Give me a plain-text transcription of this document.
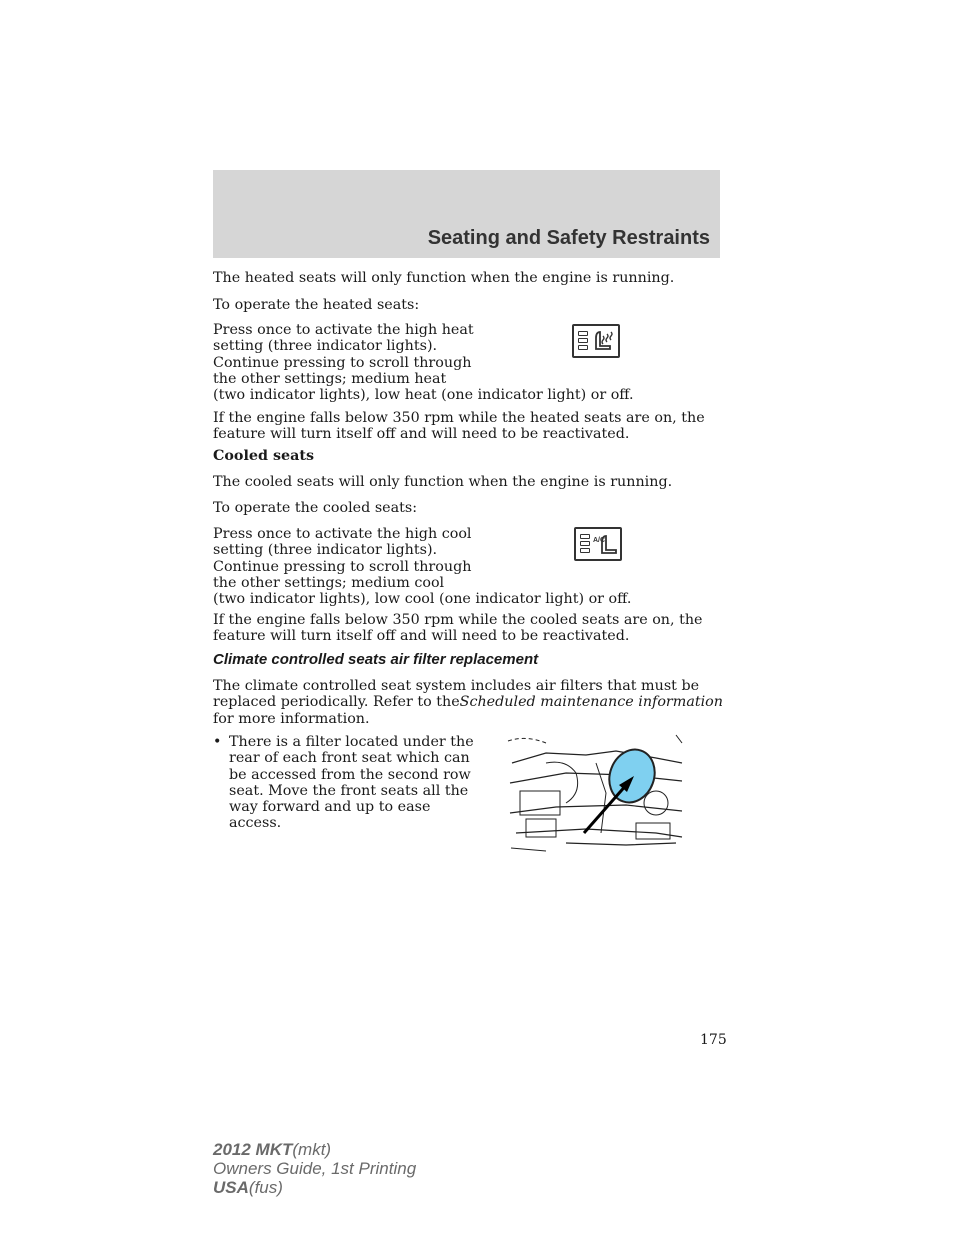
Seating and Safety Restraints

The heated seats will only function when the engine is running.

To operate the heated seats:

Press once to activate the high heat
setting (three indicator lights).
Continue pressing to scroll through
the other settings; medium heat
(two indicator lights), low heat (one indicator light) or off.

If the engine falls below 350 rpm while the heated seats are on, the
feature will turn itself off and will need to be reactivated.

Cooled seats

The cooled seats will only function when the engine is running.

To operate the cooled seats:

Press once to activate the high cool
setting (three indicator lights).
Continue pressing to scroll through
the other settings; medium cool
(two indicator lights), low cool (one indicator light) or off.

A/C

If the engine falls below 350 rpm while the cooled seats are on, the
feature will turn itself off and will need to be reactivated.

Climate controlled seats air filter replacement

The climate controlled seat system includes air filters that must be
replaced periodically. Refer to theScheduled maintenance information
for more information.

• There is a filter located under the
rear of each front seat which can
be accessed from the second row
seat. Move the front seats all the
way forward and up to ease
access.

175
2012 MKT(mkt)
Owners Guide, 1st Printing
USA(fus)
